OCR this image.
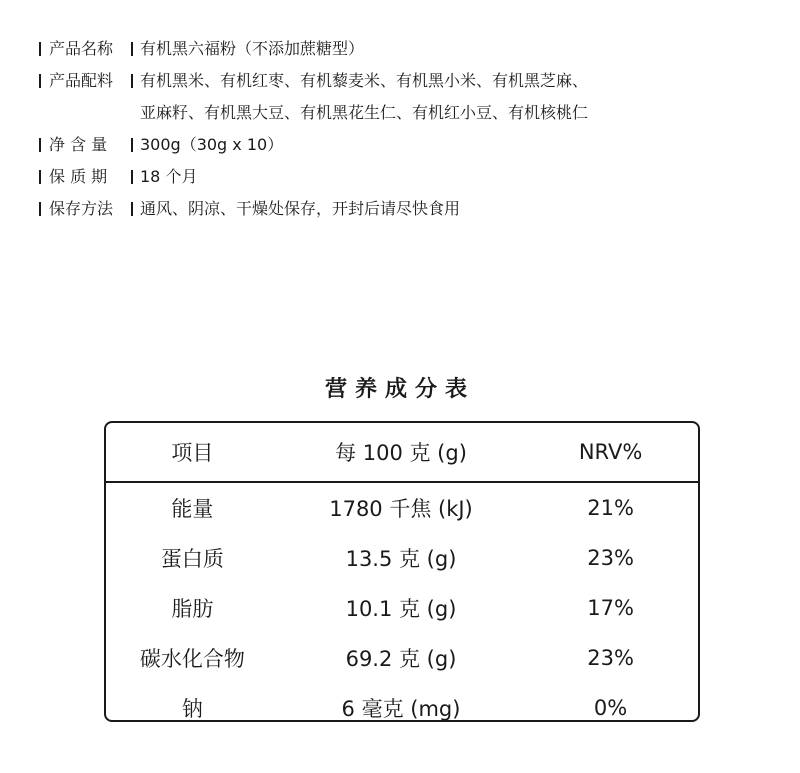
产品名称	有机黑六福粉（不添加蔗糖型）
产品配料	有机黑米、有机红枣、有机藜麦米、有机黑小米、有机黑芝麻、
亚麻籽、有机黑大豆、有机黑花生仁、有机红小豆、有机核桃仁
净 含 量	300g（30g x 10）
保 质 期	18 个月
保存方法	通风、阴凉、干燥处保存，开封后请尽快食用
营养成分表
项目	每 100 克 (g)	NRV%
能量	1780 千焦 (kJ)	21%
蛋白质	13.5 克 (g)	23%
脂肪	10.1 克 (g)	17%
碳水化合物	69.2 克 (g)	23%
钠	6 毫克 (mg)	0%
